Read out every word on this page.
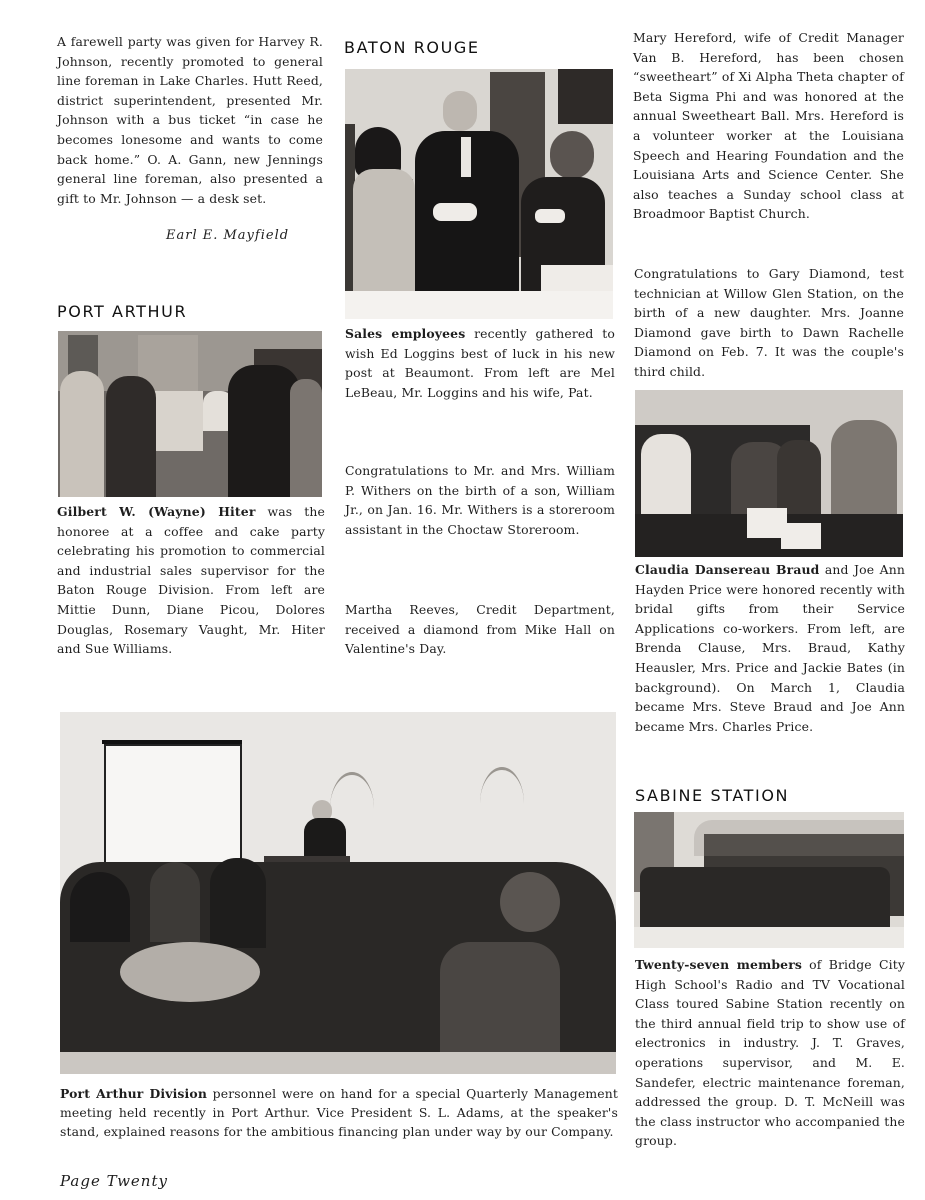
A farewell party was given for Harvey R. Johnson, recently promoted to general line foreman in Lake Charles. Hutt Reed, district superintendent, presented Mr. Johnson with a bus ticket “in case he becomes lonesome and wants to come back home.” O. A. Gann, new Jennings general line foreman, also presented a gift to Mr. Johnson — a desk set.

Earl E. Mayfield
PORT ARTHUR

Gilbert W. (Wayne) Hiter was the honoree at a coffee and cake party celebrating his promotion to commercial and industrial sales supervisor for the Baton Rouge Division. From left are Mittie Dunn, Diane Picou, Dolores Douglas, Rosemary Vaught, Mr. Hiter and Sue Williams.

BATON ROUGE

Sales employees recently gathered to wish Ed Loggins best of luck in his new post at Beaumont. From left are Mel LeBeau, Mr. Loggins and his wife, Pat.

Congratulations to Mr. and Mrs. William P. Withers on the birth of a son, William Jr., on Jan. 16. Mr. Withers is a storeroom assistant in the Choctaw Storeroom.

Martha Reeves, Credit Department, received a diamond from Mike Hall on Valentine's Day.

Mary Hereford, wife of Credit Manager Van B. Hereford, has been chosen “sweetheart” of Xi Alpha Theta chapter of Beta Sigma Phi and was honored at the annual Sweetheart Ball. Mrs. Hereford is a volunteer worker at the Louisiana Speech and Hearing Foundation and the Louisiana Arts and Science Center. She also teaches a Sunday school class at Broadmoor Baptist Church.

Congratulations to Gary Diamond, test technician at Willow Glen Station, on the birth of a new daughter. Mrs. Joanne Diamond gave birth to Dawn Rachelle Diamond on Feb. 7. It was the couple's third child.

Claudia Dansereau Braud and Joe Ann Hayden Price were honored recently with bridal gifts from their Service Applications co-workers. From left, are Brenda Clause, Mrs. Braud, Kathy Heausler, Mrs. Price and Jackie Bates (in background). On March 1, Claudia became Mrs. Steve Braud and Joe Ann became Mrs. Charles Price.

SABINE STATION

Twenty-seven members of Bridge City High School's Radio and TV Vocational Class toured Sabine Station recently on the third annual field trip to show use of electronics in industry. J. T. Graves, operations supervisor, and M. E. Sandefer, electric maintenance foreman, addressed the group. D. T. McNeill was the class instructor who accompanied the group.

Port Arthur Division personnel were on hand for a special Quarterly Management meeting held recently in Port Arthur. Vice President S. L. Adams, at the speaker's stand, explained reasons for the ambitious financing plan under way by our Company.

Page Twenty
